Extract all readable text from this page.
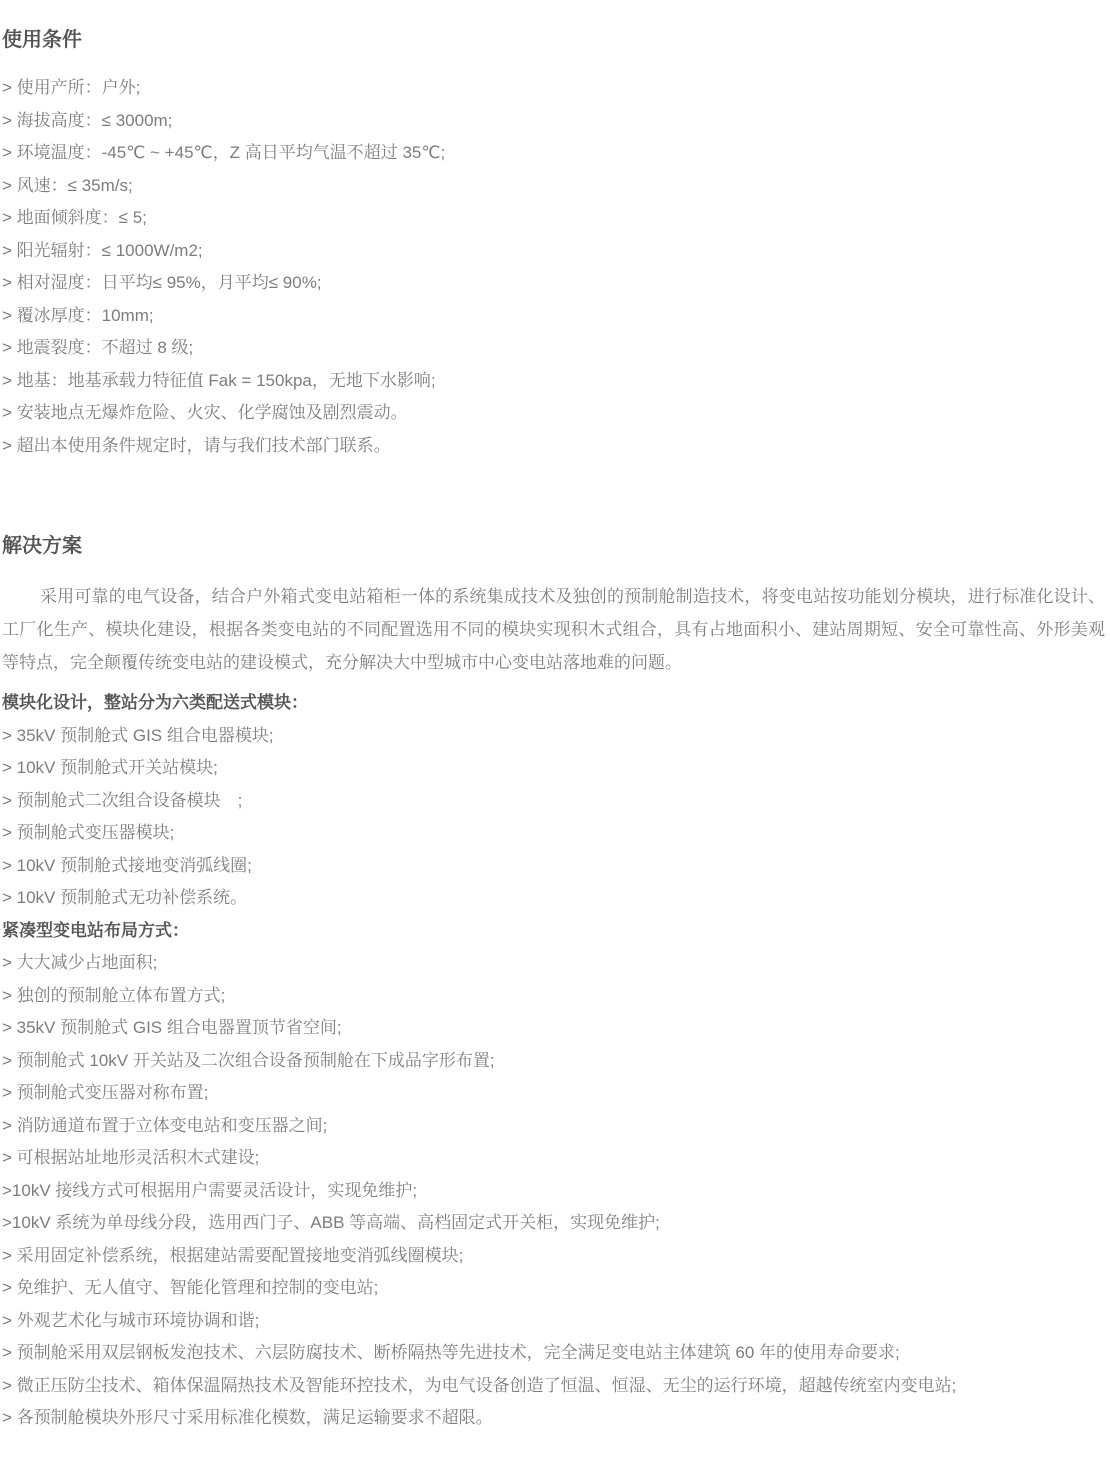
使用条件

> 使用产所：户外;

> 海拔高度：≤ 3000m;

> 环境温度：-45℃ ~ +45℃，Z 高日平均气温不超过 35℃;

> 风速：≤ 35m/s;

> 地面倾斜度：≤ 5;

> 阳光辐射：≤ 1000W/m2;

> 相对湿度：日平均≤ 95%，月平均≤ 90%;

> 覆冰厚度：10mm;

> 地震裂度：不超过 8 级;

> 地基：地基承载力特征值 Fak = 150kpa，无地下水影响;

> 安装地点无爆炸危险、火灾、化学腐蚀及剧烈震动。

> 超出本使用条件规定时，请与我们技术部门联系。

解决方案

采用可靠的电气设备，结合户外箱式变电站箱柜一体的系统集成技术及独创的预制舱制造技术，将变电站按功能划分模块，进行标准化设计、工厂化生产、模块化建设，根据各类变电站的不同配置选用不同的模块实现积木式组合，具有占地面积小、建站周期短、安全可靠性高、外形美观等特点，完全颠覆传统变电站的建设模式，充分解决大中型城市中心变电站落地难的问题。

模块化设计，整站分为六类配送式模块：

> 35kV 预制舱式 GIS 组合电器模块;

> 10kV 预制舱式开关站模块;

> 预制舱式二次组合设备模块　;

> 预制舱式变压器模块;

> 10kV 预制舱式接地变消弧线圈;

> 10kV 预制舱式无功补偿系统。

紧凑型变电站布局方式：

> 大大减少占地面积;

> 独创的预制舱立体布置方式;

> 35kV 预制舱式 GIS 组合电器置顶节省空间;

> 预制舱式 10kV 开关站及二次组合设备预制舱在下成品字形布置;

> 预制舱式变压器对称布置;

> 消防通道布置于立体变电站和变压器之间;

> 可根据站址地形灵活积木式建设;

>10kV 接线方式可根据用户需要灵活设计，实现免维护;

>10kV 系统为单母线分段，选用西门子、ABB 等高端、高档固定式开关柜，实现免维护;

> 采用固定补偿系统，根据建站需要配置接地变消弧线圈模块;

> 免维护、无人值守、智能化管理和控制的变电站;

> 外观艺术化与城市环境协调和谐;

> 预制舱采用双层钢板发泡技术、六层防腐技术、断桥隔热等先进技术，完全满足变电站主体建筑 60 年的使用寿命要求;

> 微正压防尘技术、箱体保温隔热技术及智能环控技术，为电气设备创造了恒温、恒湿、无尘的运行环境，超越传统室内变电站;

> 各预制舱模块外形尺寸采用标准化模数，满足运输要求不超限。
